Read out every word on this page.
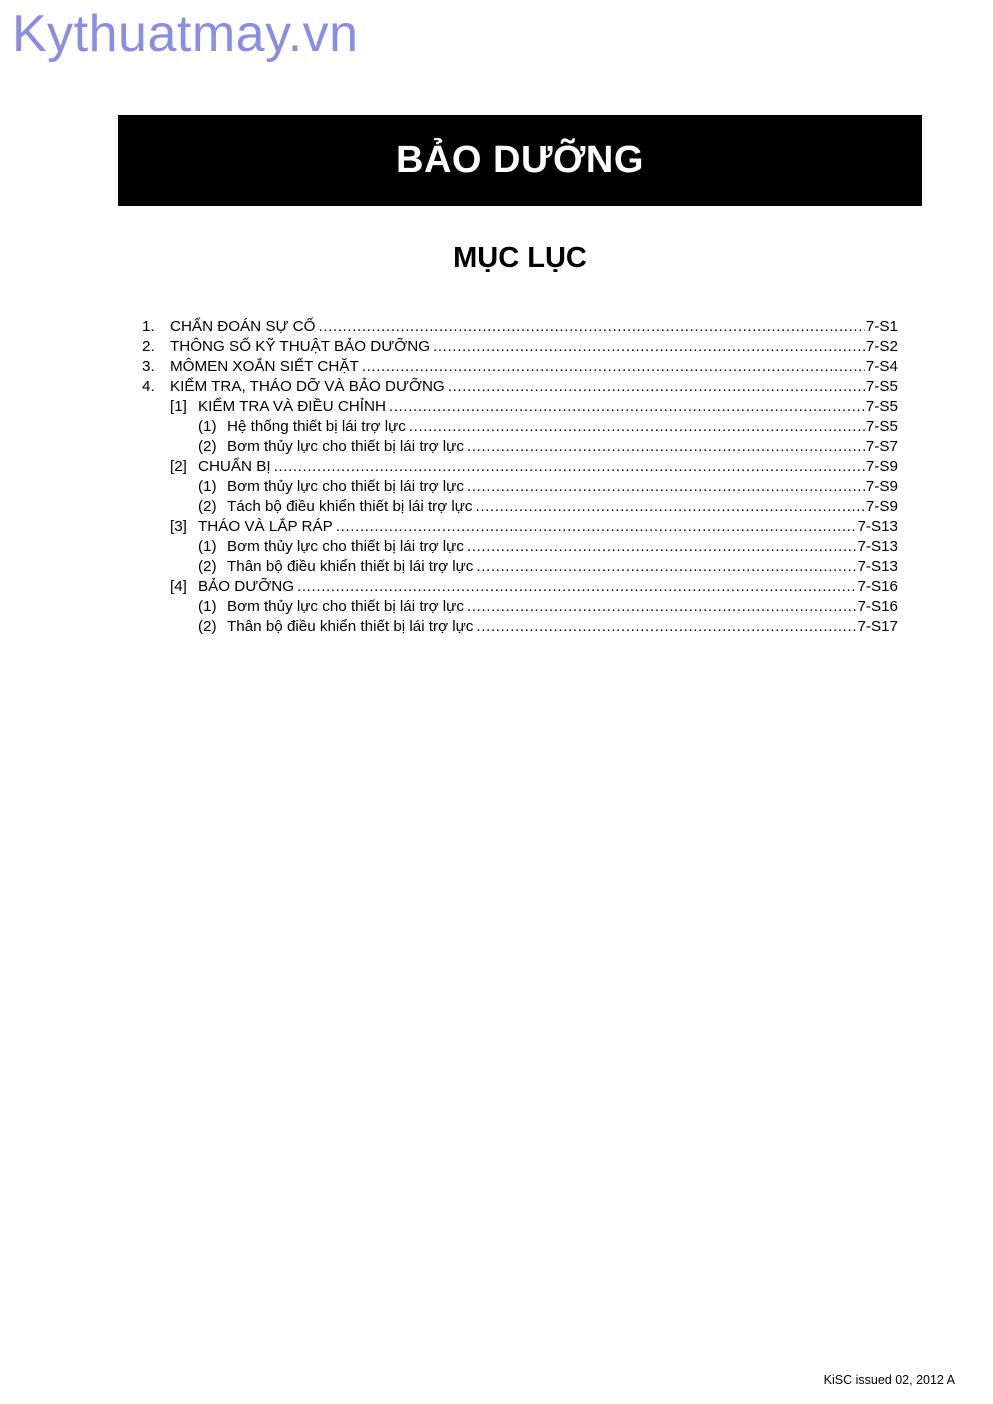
Kythuatmay.vn
BẢO DƯỠNG
MỤC LỤC
1.	CHẨN ĐOÁN SỰ CỐ .....	7-S1
2.	THÔNG SỐ KỸ THUẬT BẢO DƯỠNG .....	7-S2
3.	MÔMEN XOẮN SIẾT CHẶT .....	7-S4
4.	KIỂM TRA, THÁO DỠ VÀ BẢO DƯỠNG .....	7-S5
[1] KIỂM TRA VÀ ĐIỀU CHỈNH .....	7-S5
(1) Hệ thống thiết bị lái trợ lực .....	7-S5
(2) Bơm thủy lực cho thiết bị lái trợ lực .....	7-S7
[2] CHUẨN BỊ .....	7-S9
(1) Bơm thủy lực cho thiết bị lái trợ lực .....	7-S9
(2) Tách bộ điều khiển thiết bị lái trợ lực .....	7-S9
[3] THÁO VÀ LẮP RÁP .....	7-S13
(1) Bơm thủy lực cho thiết bị lái trợ lực .....	7-S13
(2) Thân bộ điều khiển thiết bị lái trợ lực .....	7-S13
[4] BẢO DƯỠNG .....	7-S16
(1) Bơm thủy lực cho thiết bị lái trợ lực .....	7-S16
(2) Thân bộ điều khiển thiết bị lái trợ lực .....	7-S17
KiSC issued 02, 2012 A
